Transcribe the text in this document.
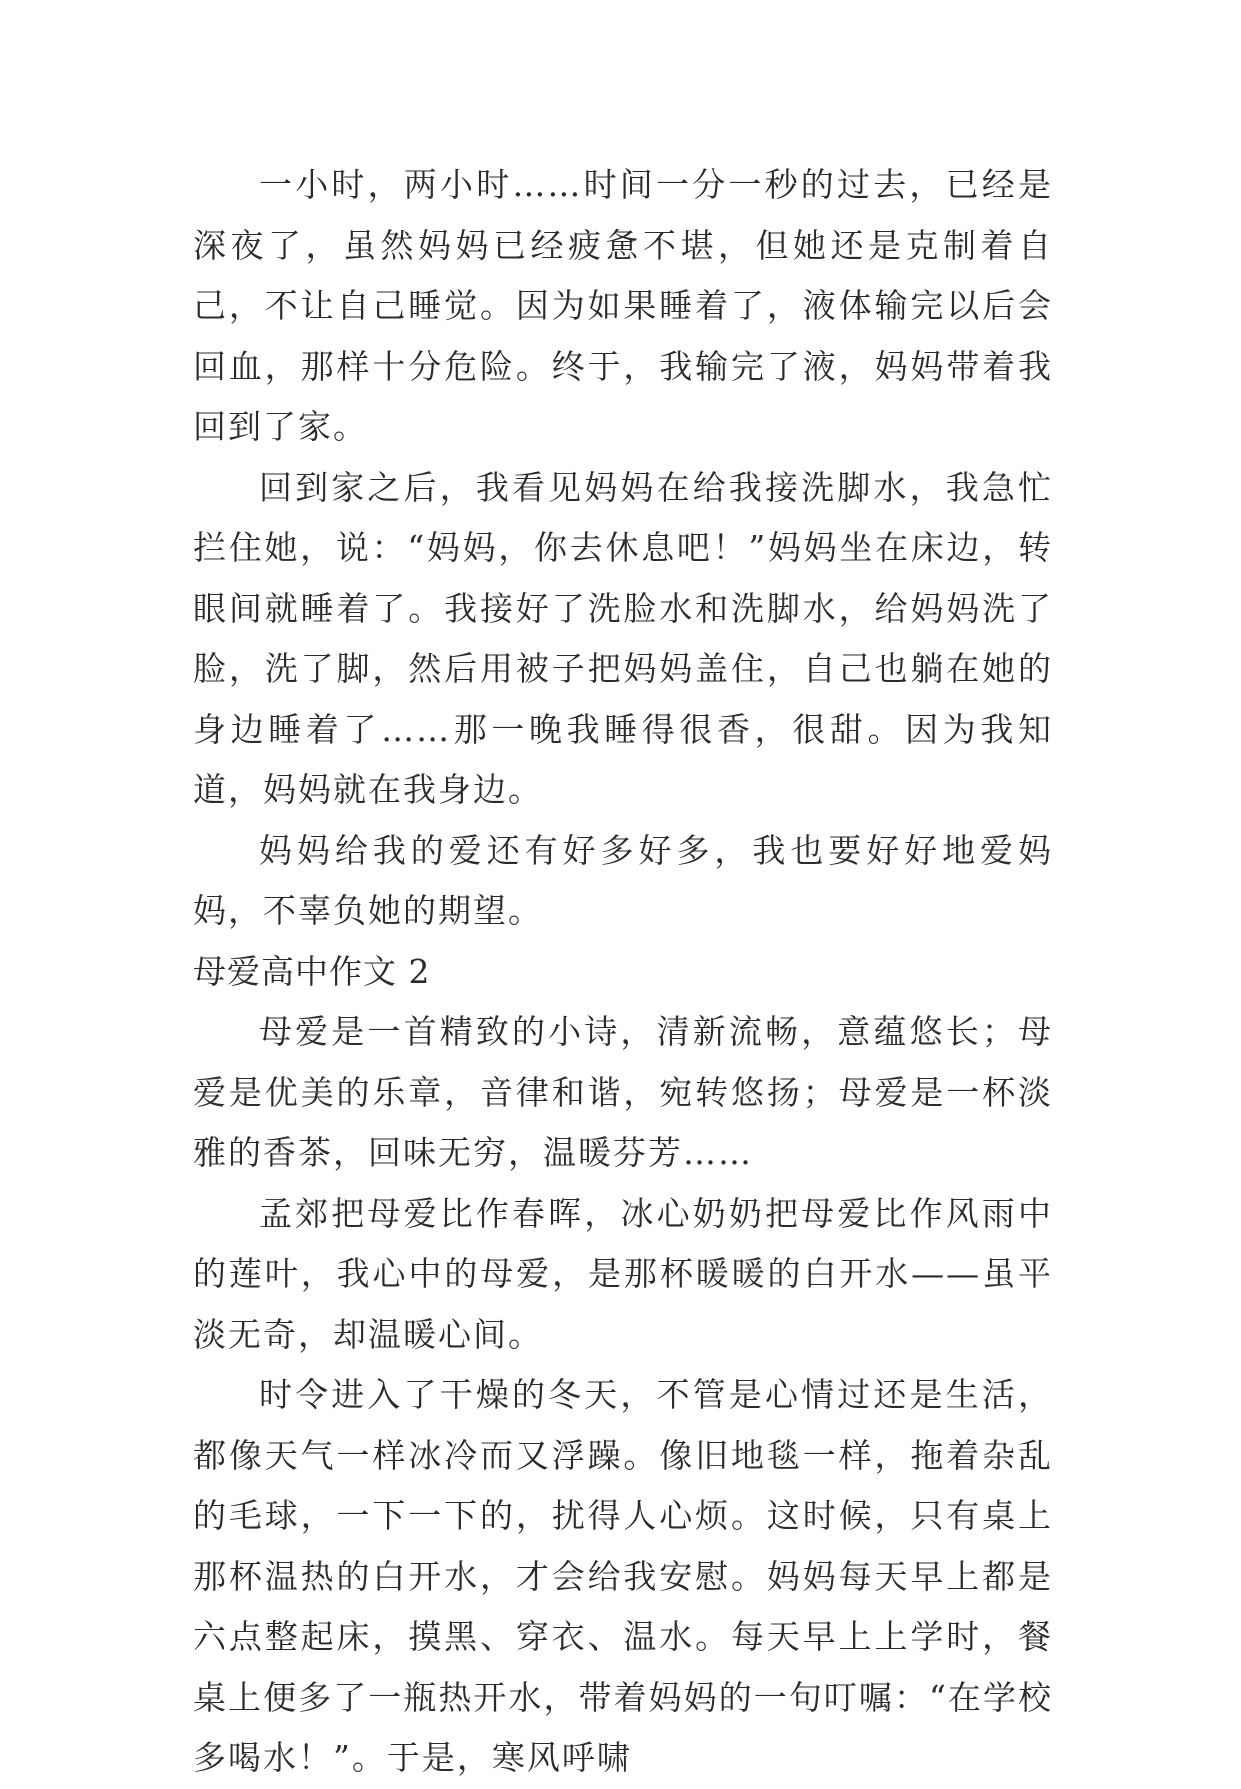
一小时，两小时……时间一分一秒的过去，已经是深夜了，虽然妈妈已经疲惫不堪，但她还是克制着自己，不让自己睡觉。因为如果睡着了，液体输完以后会回血，那样十分危险。终于，我输完了液，妈妈带着我回到了家。

回到家之后，我看见妈妈在给我接洗脚水，我急忙拦住她，说：“妈妈，你去休息吧！”妈妈坐在床边，转眼间就睡着了。我接好了洗脸水和洗脚水，给妈妈洗了脸，洗了脚，然后用被子把妈妈盖住，自己也躺在她的身边睡着了……那一晚我睡得很香，很甜。因为我知道，妈妈就在我身边。

妈妈给我的爱还有好多好多，我也要好好地爱妈妈，不辜负她的期望。

母爱高中作文 2

母爱是一首精致的小诗，清新流畅，意蕴悠长；母爱是优美的乐章，音律和谐，宛转悠扬；母爱是一杯淡雅的香茶，回味无穷，温暖芬芳……

孟郊把母爱比作春晖，冰心奶奶把母爱比作风雨中的莲叶，我心中的母爱，是那杯暖暖的白开水——虽平淡无奇，却温暖心间。

时令进入了干燥的冬天，不管是心情过还是生活，都像天气一样冰冷而又浮躁。像旧地毯一样，拖着杂乱的毛球，一下一下的，扰得人心烦。这时候，只有桌上那杯温热的白开水，才会给我安慰。妈妈每天早上都是六点整起床，摸黑、穿衣、温水。每天早上上学时，餐桌上便多了一瓶热开水，带着妈妈的一句叮嘱：“在学校多喝水！”。于是，寒风呼啸
